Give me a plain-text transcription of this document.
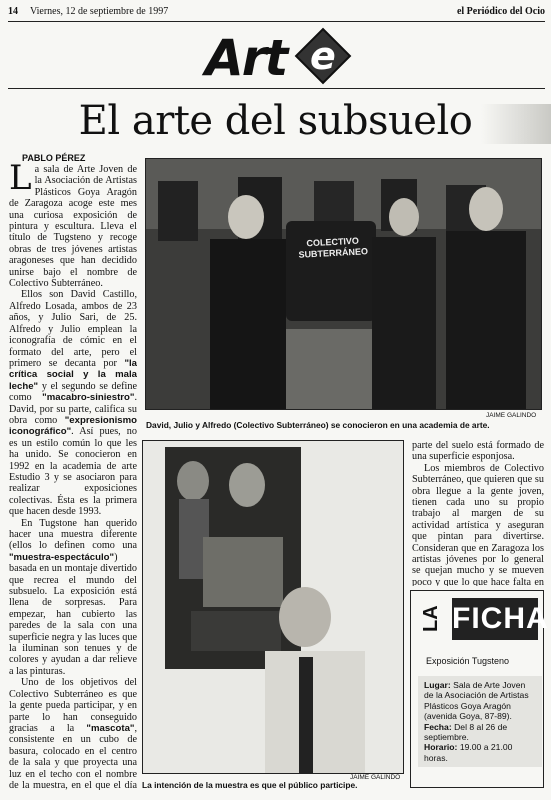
14 Viernes, 12 de septiembre de 1997	el Periódico del Ocio
Art e
El arte del subsuelo
PABLO PÉREZ

La sala de Arte Joven de la Asociación de Artistas Plásticos Goya Aragón de Zaragoza acoge este mes una curiosa exposición de pintura y escultura. Lleva el título de Tugsteno y recoge obras de tres jóvenes artistas aragoneses que han decidido unirse bajo el nombre de Colectivo Subterráneo.

Ellos son David Castillo, Alfredo Losada, ambos de 23 años, y Julio Sari, de 25. Alfredo y Julio emplean la iconografía de cómic en el formato del arte, pero el primero se decanta por "la crítica social y la mala leche" y el segundo se define como "macabro-siniestro". David, por su parte, califica su obra como "expresionismo iconográfico". Así pues, no es un estilo común lo que les ha unido. Se conocieron en 1992 en la academia de arte Estudio 3 y se asociaron para realizar exposiciones colectivas. Ésta es la primera que hacen desde 1993.

En Tugstone han querido hacer una muestra diferente (ellos lo definen como una "muestra-espectáculo") basada en un montaje divertido que recrea el mundo del subsuelo. La exposición está llena de sorpresas. Para empezar, han cubierto las paredes de la sala con una superficie negra y las luces que la iluminan son tenues y de colores y ayudan a dar relieve a las pinturas.

Uno de los objetivos del Colectivo Subterráneo es que la gente pueda participar, y en parte lo han conseguido gracias a la "mascota", consistente en un cubo de basura, colocado en el centro de la sala y que proyecta una luz en el techo con el nombre de la muestra, en el que el día

COLECTIVO
SUBTERRÁNEO
JAIME GALINDO
David, Julio y Alfredo (Colectivo Subterráneo) se conocieron en una academia de arte.

parte del suelo está formado de una superficie esponjosa.

Los miembros de Colectivo Subterráneo, que quieren que su obra llegue a la gente joven, tienen cada uno su propio trabajo al margen de su actividad artística y aseguran que pintan para divertirse. Consideran que en Zaragoza los artistas jóvenes por lo general se quejan mucho y se mueven poco y que lo que hace falta en

JAIME GALINDO
La intención de la muestra es que el público participe.
LA FICHA
Exposición Tugsteno
Lugar: Sala de Arte Joven de la Asociación de Artistas Plásticos Goya Aragón (avenida Goya, 87-89).
Fecha: Del 8 al 26 de septiembre.
Horario: 19.00 a 21.00 horas.
